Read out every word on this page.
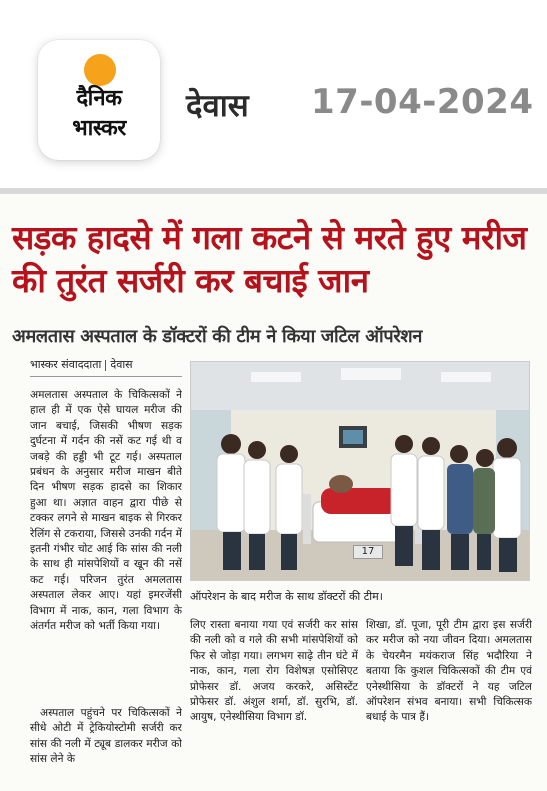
दैनिक
भास्कर
देवास 17-04-2024
सड़क हादसे में गला कटने से मरते हुए मरीज की तुरंत सर्जरी कर बचाई जान
अमलतास अस्पताल के डॉक्टरों की टीम ने किया जटिल ऑपरेशन
भास्कर संवाददाता देवास
अमलतास अस्पताल के चिकित्सकों ने हाल ही में एक ऐसे घायल मरीज की जान बचाई, जिसकी भीषण सड़क दुर्घटना में गर्दन की नसें कट गई थी व जबड़े की हड्डी भी टूट गई। अस्पताल प्रबंधन के अनुसार मरीज माखन बीते दिन भीषण सड़क हादसे का शिकार हुआ था। अज्ञात वाहन द्वारा पीछे से टक्कर लगने से माखन बाइक से गिरकर रेलिंग से टकराया, जिससे उनकी गर्दन में इतनी गंभीर चोट आई कि सांस की नली के साथ ही मांसपेशियों व खून की नसें कट गई। परिजन तुरंत अमलतास अस्पताल लेकर आए। यहां इमरजेंसी विभाग में नाक, कान, गला विभाग के अंतर्गत मरीज को भर्ती किया गया।
अस्पताल पहुंचने पर चिकित्सकों ने सीधे ओटी में ट्रेकियोस्टोमी सर्जरी कर सांस की नली में ट्यूब डालकर मरीज को सांस लेने के
17
ऑपरेशन के बाद मरीज के साथ डॉक्टरों की टीम।
लिए रास्ता बनाया गया एवं सर्जरी कर सांस की नली को व गले की सभी मांसपेशियों को फिर से जोड़ा गया। लगभग साढ़े तीन घंटे में नाक, कान, गला रोग विशेषज्ञ एसोसिएट प्रोफेसर डॉ. अजय करकरे, असिस्टेंट प्रोफेसर डॉ. अंशुल शर्मा, डॉ. सुरभि, डॉ. आयुष, एनेस्थीसिया विभाग डॉ.
शिखा, डॉ. पूजा, पूरी टीम द्वारा इस सर्जरी कर मरीज को नया जीवन दिया। अमलतास के चेयरमैन मयंकराज सिंह भदौरिया ने बताया कि कुशल चिकित्सकों की टीम एवं एनेस्थीसिया के डॉक्टरों ने यह जटिल ऑपरेशन संभव बनाया। सभी चिकित्सक बधाई के पात्र हैं।
